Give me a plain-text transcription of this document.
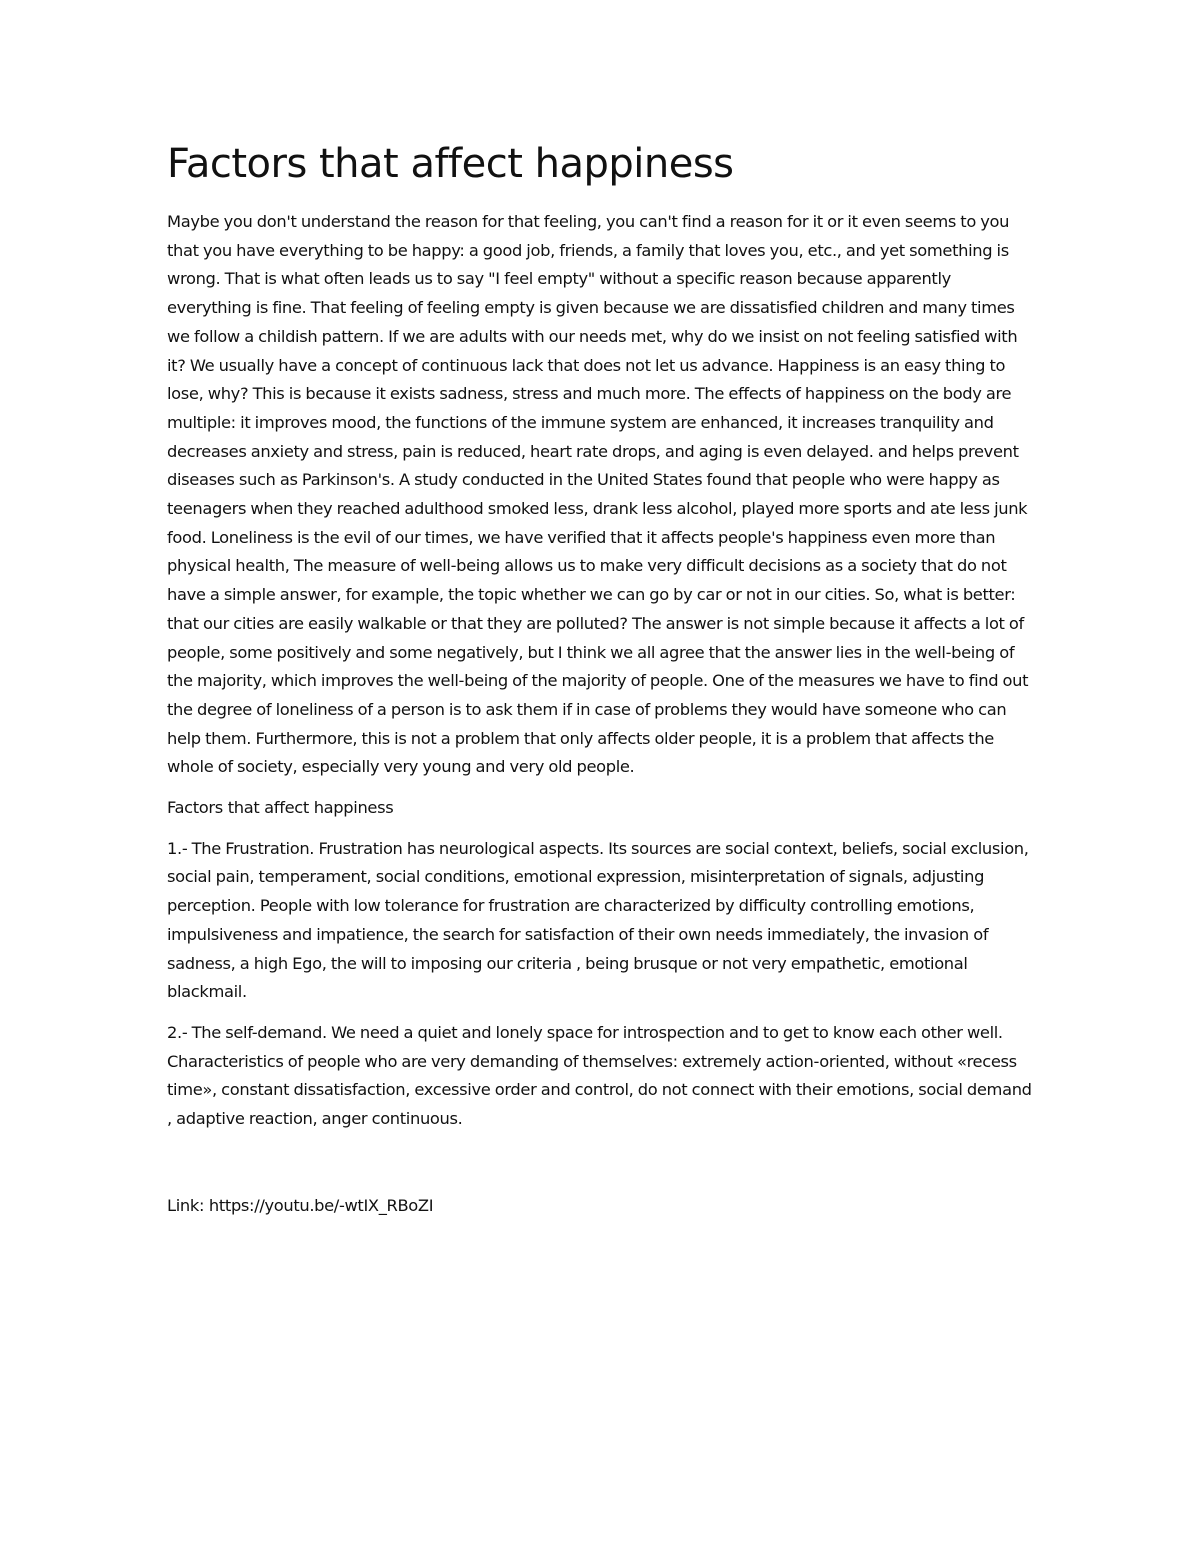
Factors that affect happiness

Maybe you don't understand the reason for that feeling, you can't find a reason for it or it even seems to you that you have everything to be happy: a good job, friends, a family that loves you, etc., and yet something is wrong. That is what often leads us to say "I feel empty" without a specific reason because apparently everything is fine. That feeling of feeling empty is given because we are dissatisfied children and many times we follow a childish pattern. If we are adults with our needs met, why do we insist on not feeling satisfied with it? We usually have a concept of continuous lack that does not let us advance. Happiness is an easy thing to lose, why? This is because it exists sadness, stress and much more. The effects of happiness on the body are multiple: it improves mood, the functions of the immune system are enhanced, it increases tranquility and decreases anxiety and stress, pain is reduced, heart rate drops, and aging is even delayed. and helps prevent diseases such as Parkinson's. A study conducted in the United States found that people who were happy as teenagers when they reached adulthood smoked less, drank less alcohol, played more sports and ate less junk food. Loneliness is the evil of our times, we have verified that it affects people's happiness even more than physical health, The measure of well-being allows us to make very difficult decisions as a society that do not have a simple answer, for example, the topic whether we can go by car or not in our cities. So, what is better: that our cities are easily walkable or that they are polluted? The answer is not simple because it affects a lot of people, some positively and some negatively, but I think we all agree that the answer lies in the well-being of the majority, which improves the well-being of the majority of people. One of the measures we have to find out the degree of loneliness of a person is to ask them if in case of problems they would have someone who can help them. Furthermore, this is not a problem that only affects older people, it is a problem that affects the whole of society, especially very young and very old people.

Factors that affect happiness

1.- The Frustration. Frustration has neurological aspects. Its sources are social context, beliefs, social exclusion, social pain, temperament, social conditions, emotional expression, misinterpretation of signals, adjusting perception. People with low tolerance for frustration are characterized by difficulty controlling emotions, impulsiveness and impatience, the search for satisfaction of their own needs immediately, the invasion of sadness, a high Ego, the will to imposing our criteria , being brusque or not very empathetic, emotional blackmail.

2.- The self-demand. We need a quiet and lonely space for introspection and to get to know each other well. Characteristics of people who are very demanding of themselves: extremely action-oriented, without «recess time», constant dissatisfaction, excessive order and control, do not connect with their emotions, social demand , adaptive reaction, anger continuous.

Link: https://youtu.be/-wtIX_RBoZI
